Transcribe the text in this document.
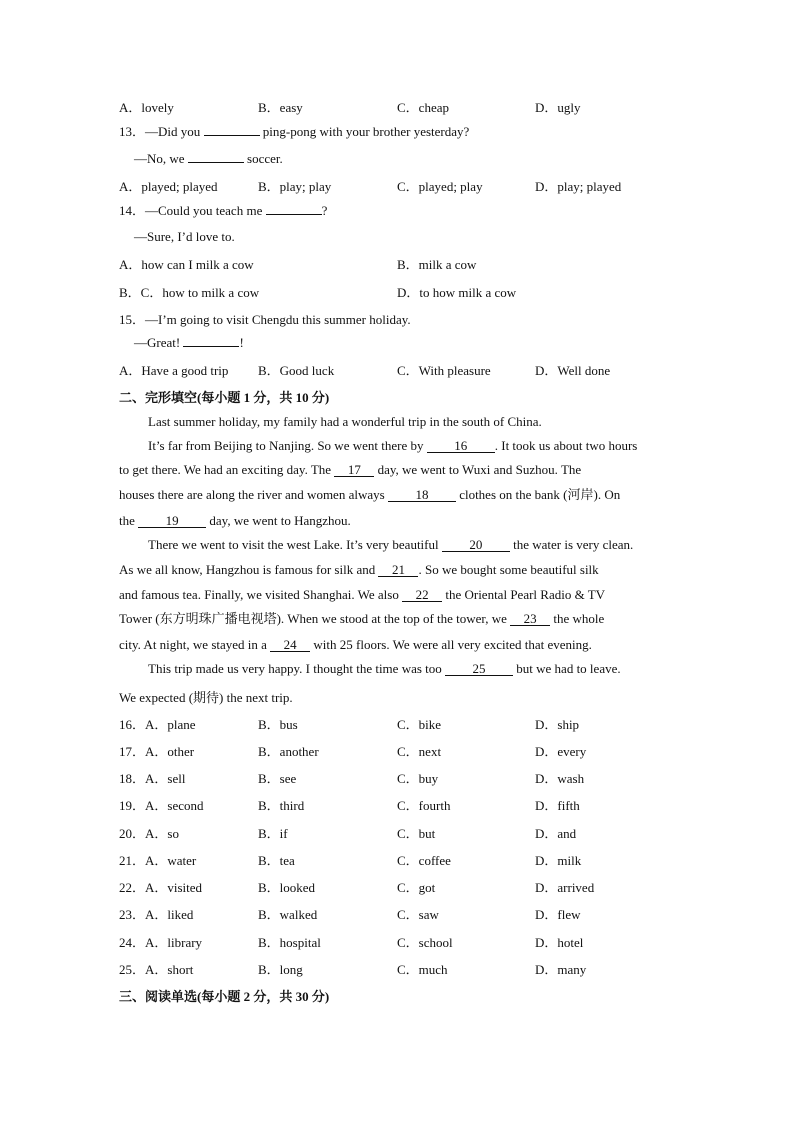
A．lovely	B．easy	C．cheap	D．ugly
13．—Did you	ping-pong with your brother yesterday?
—No, we	soccer.
A．played; played	B．play; play	C．played; play	D．play; played
14．—Could you teach me	?
—Sure, I’d love to.
A．how can I milk a cow	B．milk a cow
B．C．how to milk a cow	D．to how milk a cow
15．—I’m going to visit Chengdu this summer holiday.
—Great!	!
A．Have a good trip B．Good luck	C．With pleasure	D．Well done
二、完形填空(每小题 1 分，共 10 分)
Last summer holiday, my family had a wonderful trip in the south of China.
It’s far from Beijing to Nanjing. So we went there by 16 . It took us about two hours
to get there. We had an exciting day. The 17 day, we went to Wuxi and Suzhou. The
houses there are along the river and women always 18 clothes on the bank (河岸). On
the 19 day, we went to Hangzhou.
There we went to visit the west Lake. It’s very beautiful 20 the water is very clean.
As we all know, Hangzhou is famous for silk and 21 . So we bought some beautiful silk
and famous tea. Finally, we visited Shanghai. We also 22 the Oriental Pearl Radio & TV
Tower (东方明珠广播电视塔). When we stood at the top of the tower, we 23 the whole
city. At night, we stayed in a 24 with 25 floors. We were all very excited that evening.
This trip made us very happy. I thought the time was too 25 but we had to leave.
We expected (期待) the next trip.
16．A．plane	B．bus	C．bike	D．ship
17．A．other	B．another	C．next	D．every
18．A．sell	B．see	C．buy	D．wash
19．A．second	B．third	C．fourth	D．fifth
20．A．so	B．if	C．but	D．and
21．A．water	B．tea	C．coffee	D．milk
22．A．visited	B．looked	C．got	D．arrived
23．A．liked	B．walked	C．saw	D．flew
24．A．library	B．hospital	C．school	D．hotel
25．A．short	B．long	C．much	D．many
三、阅读单选(每小题 2 分，共 30 分)
